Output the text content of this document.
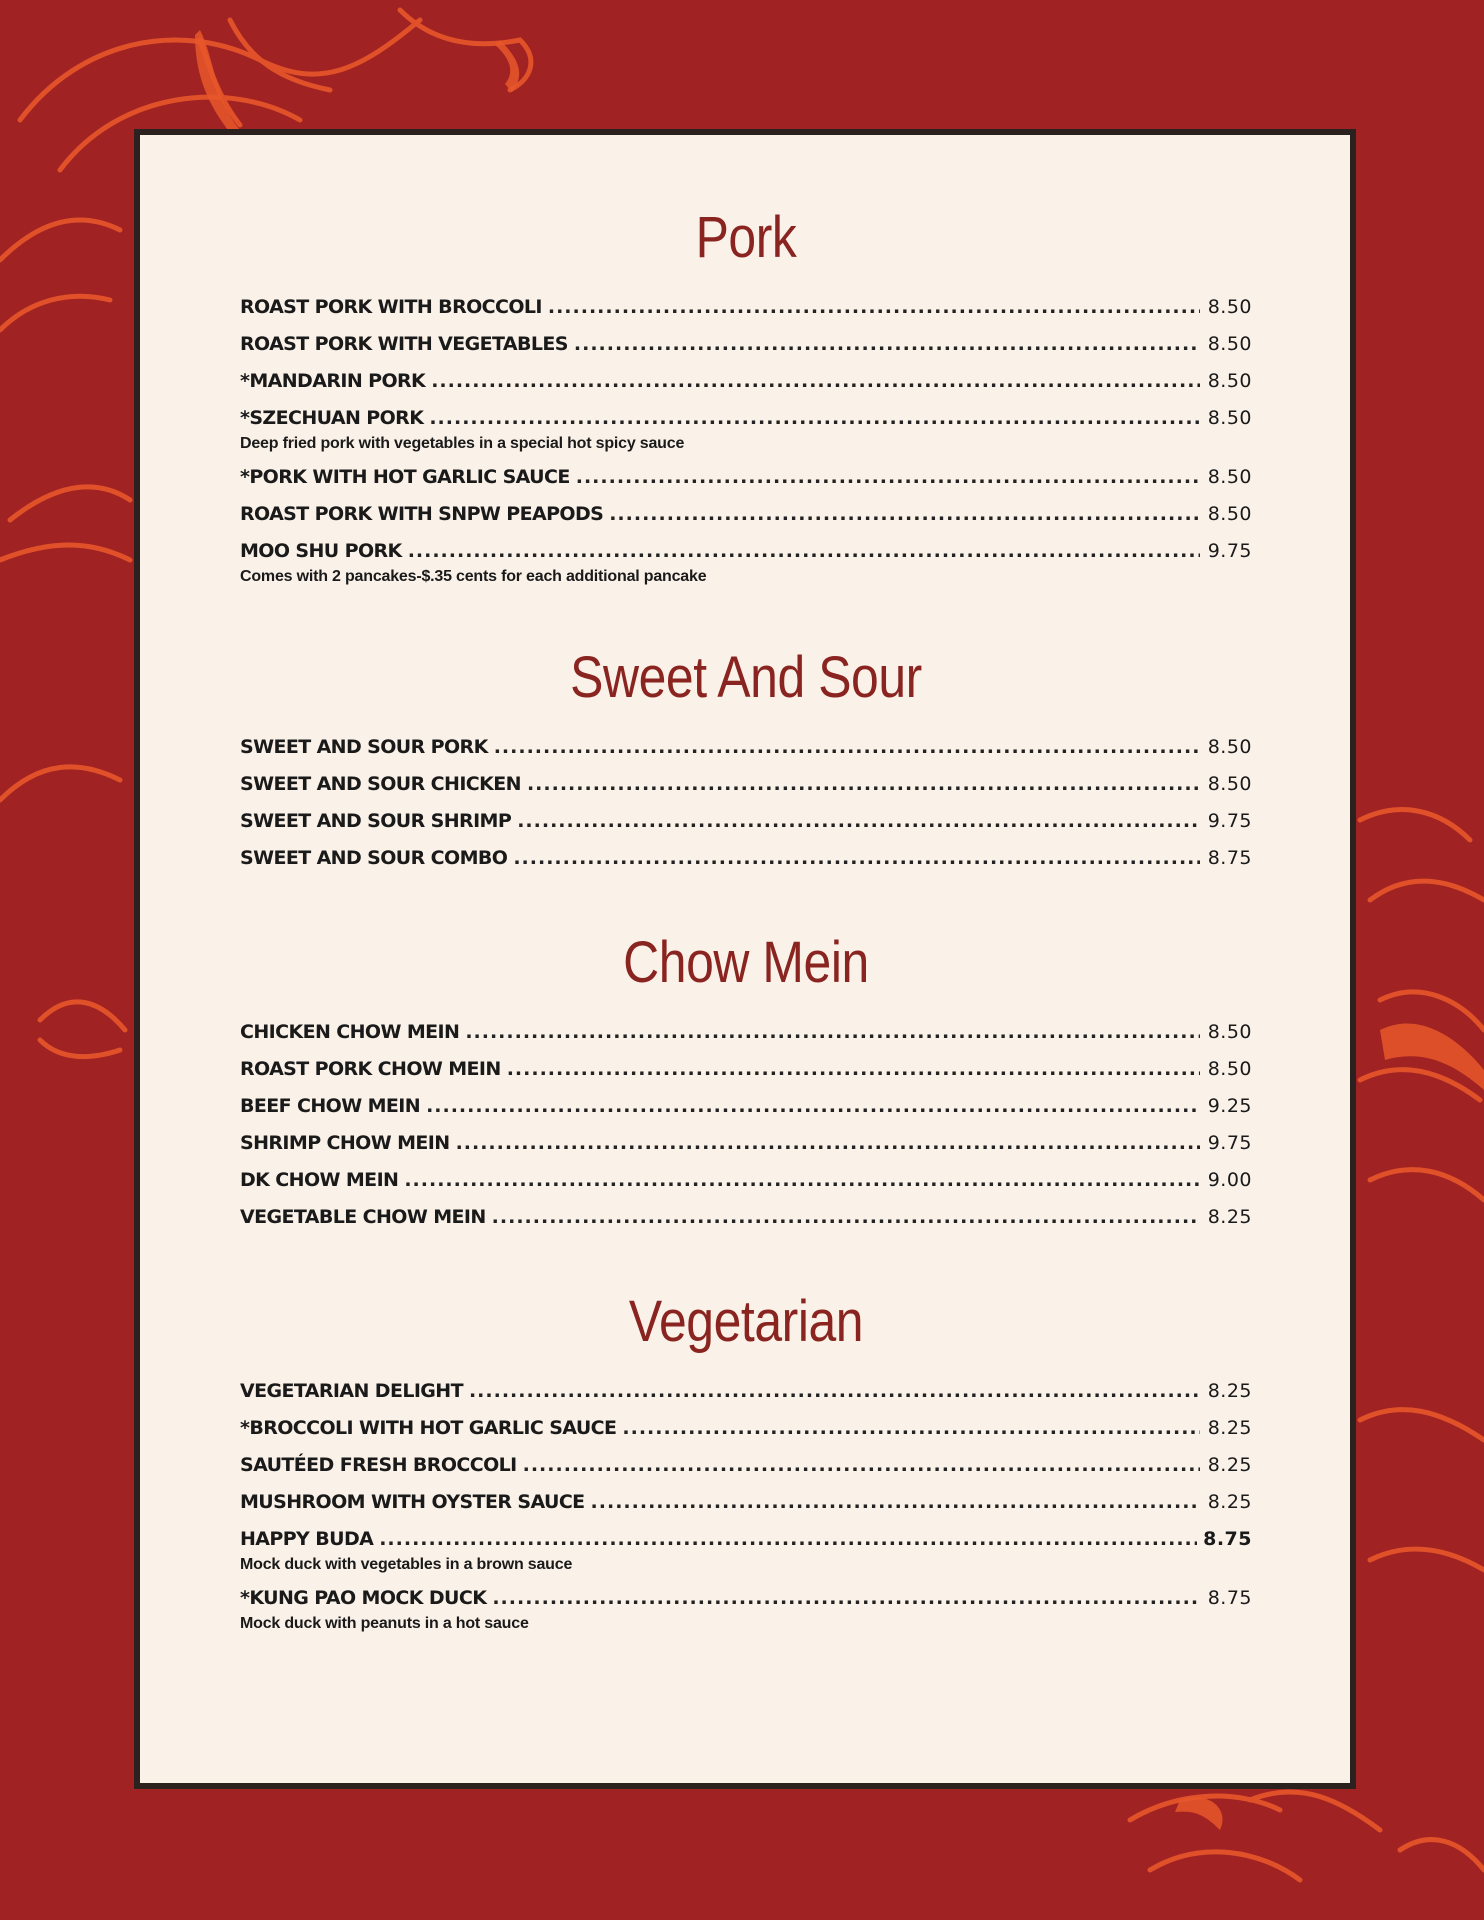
Pork
ROAST PORK WITH BROCCOLI .....	8.50
ROAST PORK WITH VEGETABLES .....	8.50
*MANDARIN PORK .....	8.50
*SZECHUAN PORK .....	8.50
Deep fried pork with vegetables in a special hot spicy sauce
*PORK WITH HOT GARLIC SAUCE .....	8.50
ROAST PORK WITH SNPW PEAPODS .....	8.50
MOO SHU PORK .....	9.75
Comes with 2 pancakes-$.35 cents for each additional pancake
Sweet And Sour
SWEET AND SOUR PORK .....	8.50
SWEET AND SOUR CHICKEN .....	8.50
SWEET AND SOUR SHRIMP .....	9.75
SWEET AND SOUR COMBO .....	8.75
Chow Mein
CHICKEN CHOW MEIN .....	8.50
ROAST PORK CHOW MEIN .....	8.50
BEEF CHOW MEIN .....	9.25
SHRIMP CHOW MEIN .....	9.75
DK CHOW MEIN .....	9.00
VEGETABLE CHOW MEIN .....	8.25
Vegetarian
VEGETARIAN DELIGHT .....	8.25
*BROCCOLI WITH HOT GARLIC SAUCE .....	8.25
SAUTÉED FRESH BROCCOLI .....	8.25
MUSHROOM WITH OYSTER SAUCE .....	8.25
HAPPY BUDA .....	8.75
Mock duck with vegetables in a brown sauce
*KUNG PAO MOCK DUCK .....	8.75
Mock duck with peanuts in a hot sauce
